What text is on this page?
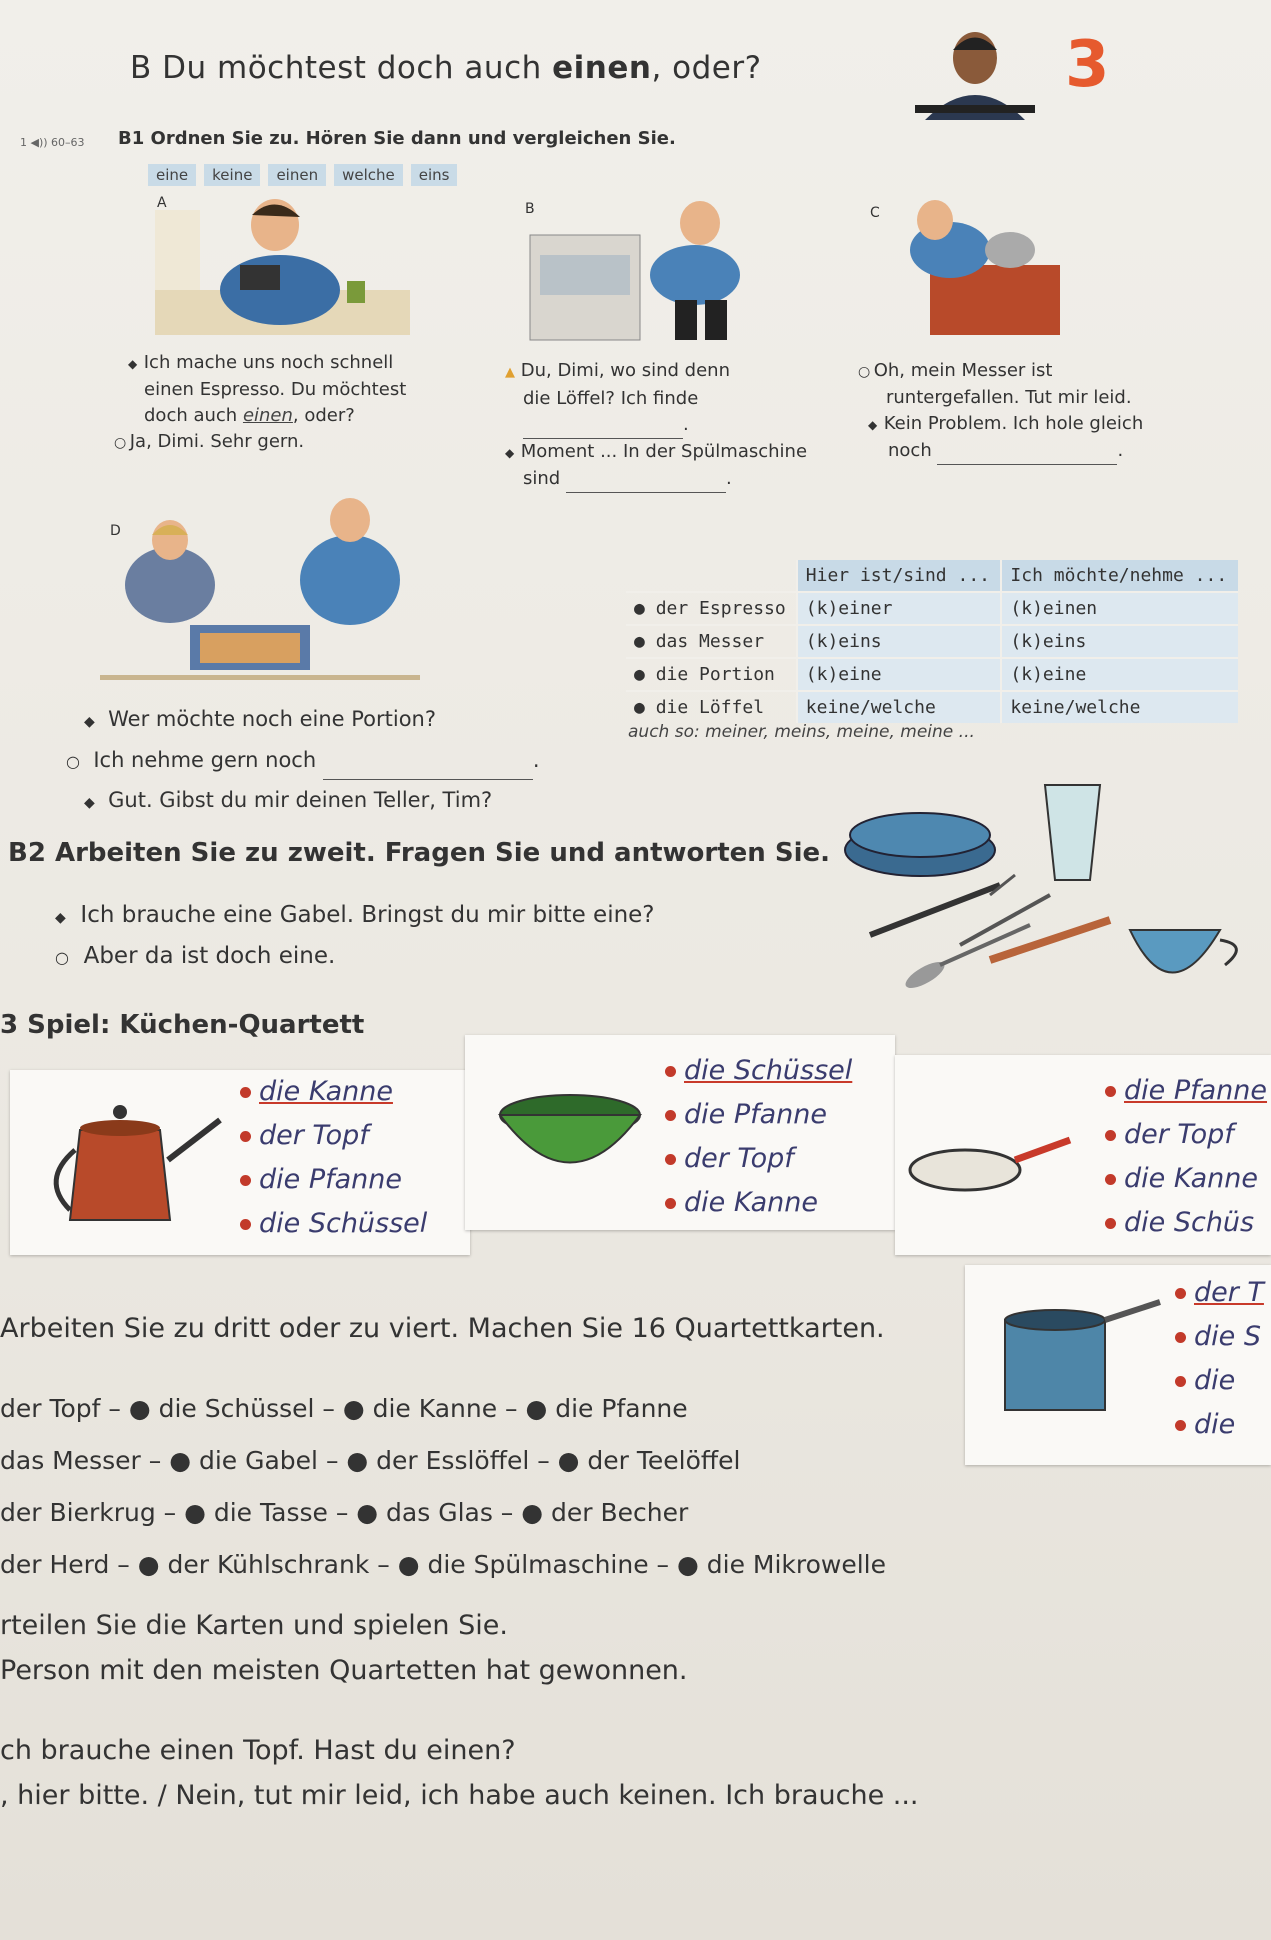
B Du möchtest doch auch einen, oder?	3
1 ◀)) 60–63 B1 Ordnen Sie zu. Hören Sie dann und vergleichen Sie.
eine	keine	einen	welche	eins
A	B	C
◆ Ich mache uns noch schnell
einen Espresso. Du möchtest
doch auch einen, oder?
○ Ja, Dimi. Sehr gern.
▲ Du, Dimi, wo sind denn
die Löffel? Ich finde
.
◆ Moment ... In der Spülmaschine
sind	.
○ Oh, mein Messer ist
runtergefallen. Tut mir leid.
◆ Kein Problem. Ich hole gleich
noch	.
D
	Hier ist/sind ...	Ich möchte/nehme ...
● der Espresso	(k)einer	(k)einen
● das Messer	(k)eins	(k)eins
● die Portion	(k)eine	(k)eine
● die Löffel	keine/welche	keine/welche
auch so: meiner, meins, meine, meine ...
◆ Wer möchte noch eine Portion?
○ Ich nehme gern noch	.
◆ Gut. Gibst du mir deinen Teller, Tim?
B2 Arbeiten Sie zu zweit. Fragen Sie und antworten Sie.
◆ Ich brauche eine Gabel. Bringst du mir bitte eine?
○ Aber da ist doch eine.
3 Spiel: Küchen-Quartett
die Kanne
der Topf
die Pfanne
die Schüssel
die Schüssel
die Pfanne
der Topf
die Kanne
die Pfanne
der Topf
die Kanne
die Schüs
der T
die S
die
die
Arbeiten Sie zu dritt oder zu viert. Machen Sie 16 Quartettkarten.
der Topf – ● die Schüssel – ● die Kanne – ● die Pfanne
das Messer – ● die Gabel – ● der Esslöffel – ● der Teelöffel
der Bierkrug – ● die Tasse – ● das Glas – ● der Becher
der Herd – ● der Kühlschrank – ● die Spülmaschine – ● die Mikrowelle
rteilen Sie die Karten und spielen Sie.
Person mit den meisten Quartetten hat gewonnen.
ch brauche einen Topf. Hast du einen?
, hier bitte. / Nein, tut mir leid, ich habe auch keinen. Ich brauche ...
